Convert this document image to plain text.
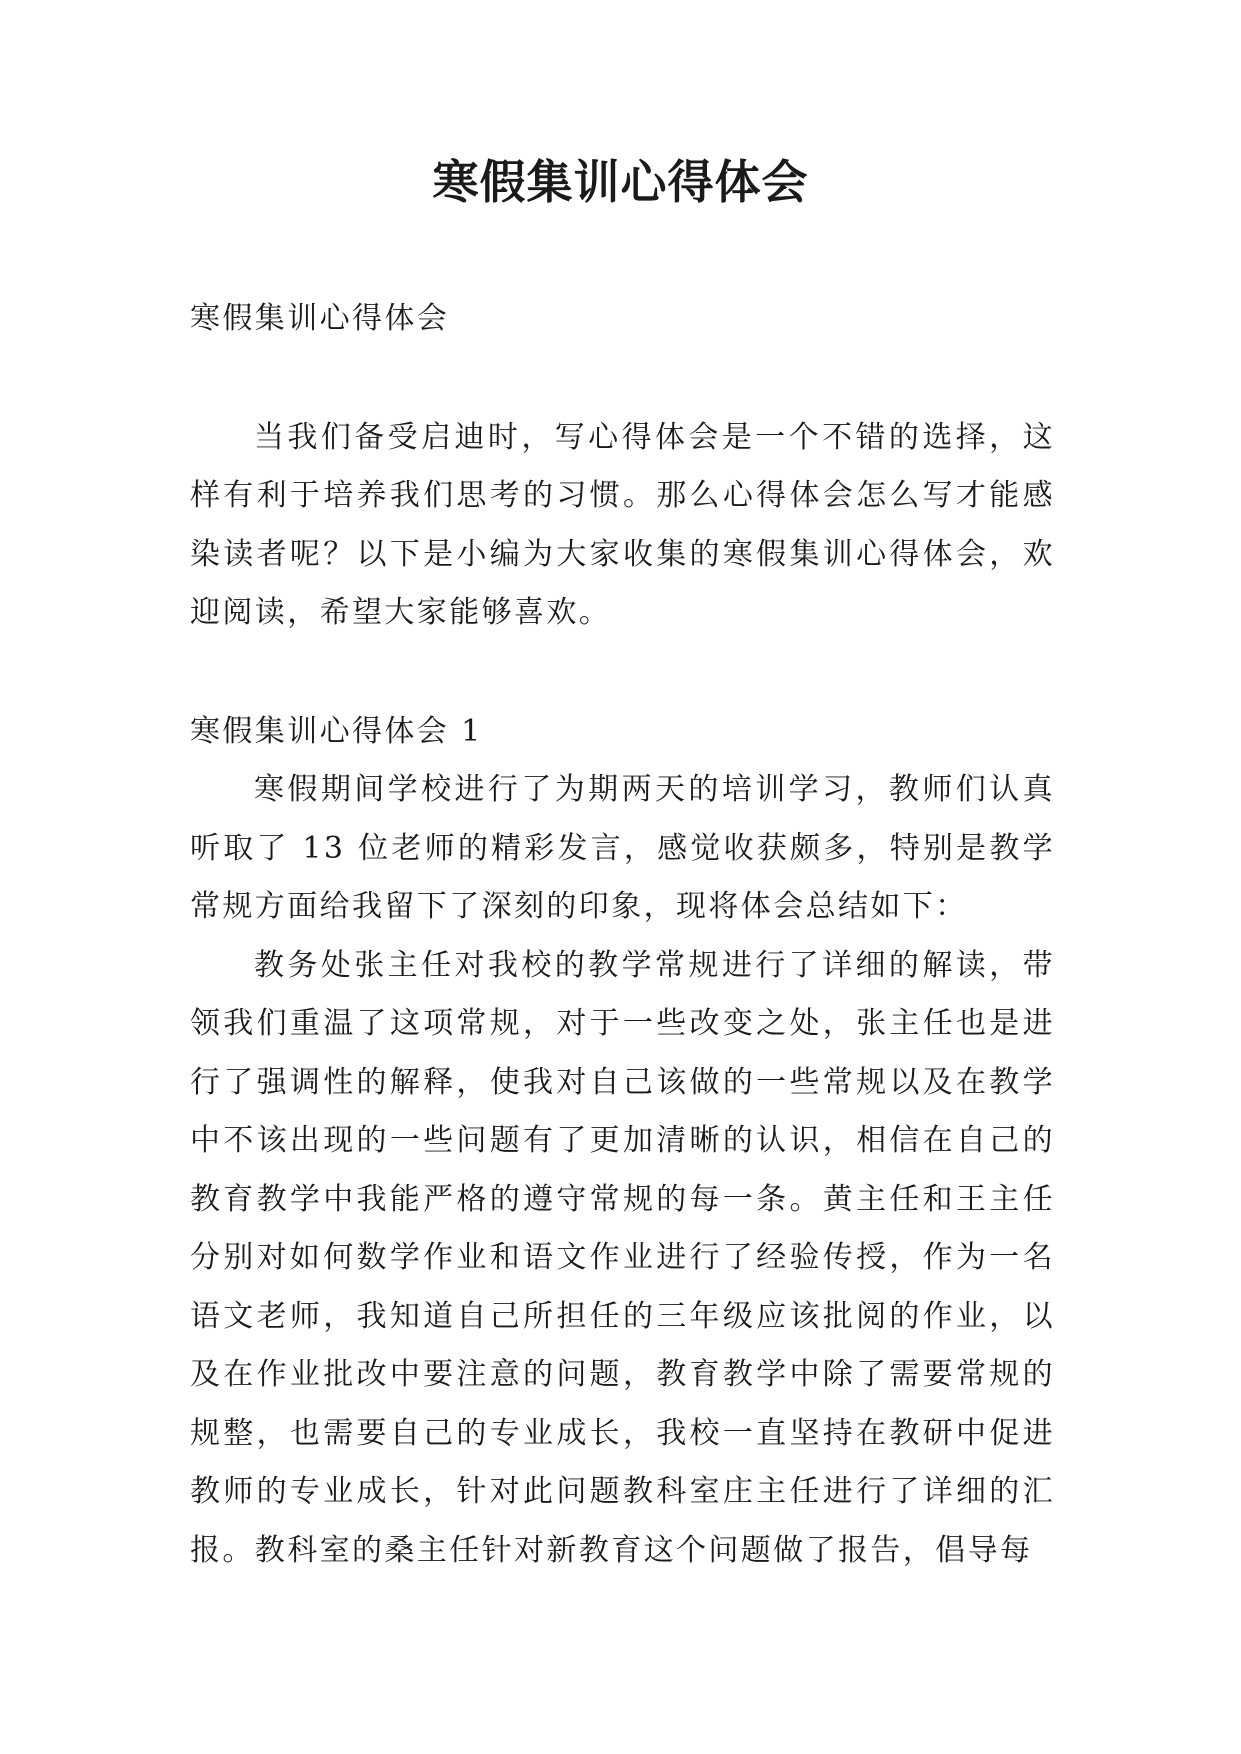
寒假集训心得体会

寒假集训心得体会

当我们备受启迪时，写心得体会是一个不错的选择，这样有利于培养我们思考的习惯。那么心得体会怎么写才能感染读者呢？以下是小编为大家收集的寒假集训心得体会，欢迎阅读，希望大家能够喜欢。

寒假集训心得体会 1

寒假期间学校进行了为期两天的培训学习，教师们认真听取了 13 位老师的精彩发言，感觉收获颇多，特别是教学常规方面给我留下了深刻的印象，现将体会总结如下：

教务处张主任对我校的教学常规进行了详细的解读，带领我们重温了这项常规，对于一些改变之处，张主任也是进行了强调性的解释，使我对自己该做的一些常规以及在教学中不该出现的一些问题有了更加清晰的认识，相信在自己的教育教学中我能严格的遵守常规的每一条。黄主任和王主任分别对如何数学作业和语文作业进行了经验传授，作为一名语文老师，我知道自己所担任的三年级应该批阅的作业，以及在作业批改中要注意的问题，教育教学中除了需要常规的规整，也需要自己的专业成长，我校一直坚持在教研中促进教师的专业成长，针对此问题教科室庄主任进行了详细的汇报。教科室的桑主任针对新教育这个问题做了报告，倡导每
